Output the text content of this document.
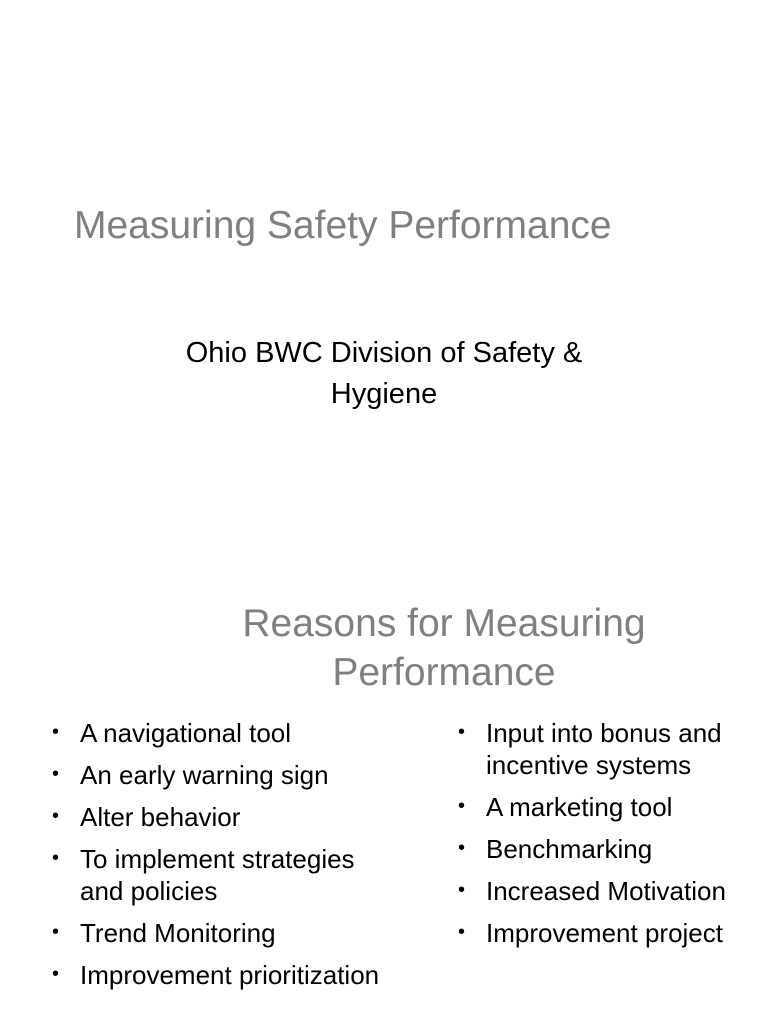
Measuring Safety Performance
Ohio BWC Division of Safety &
Hygiene
Reasons for Measuring
Performance
• A navigational tool
• An early warning sign
• Alter behavior
• To implement strategies and policies
• Trend Monitoring
• Improvement prioritization
• Input into bonus and incentive systems
• A marketing tool
• Benchmarking
• Increased Motivation
• Improvement project
